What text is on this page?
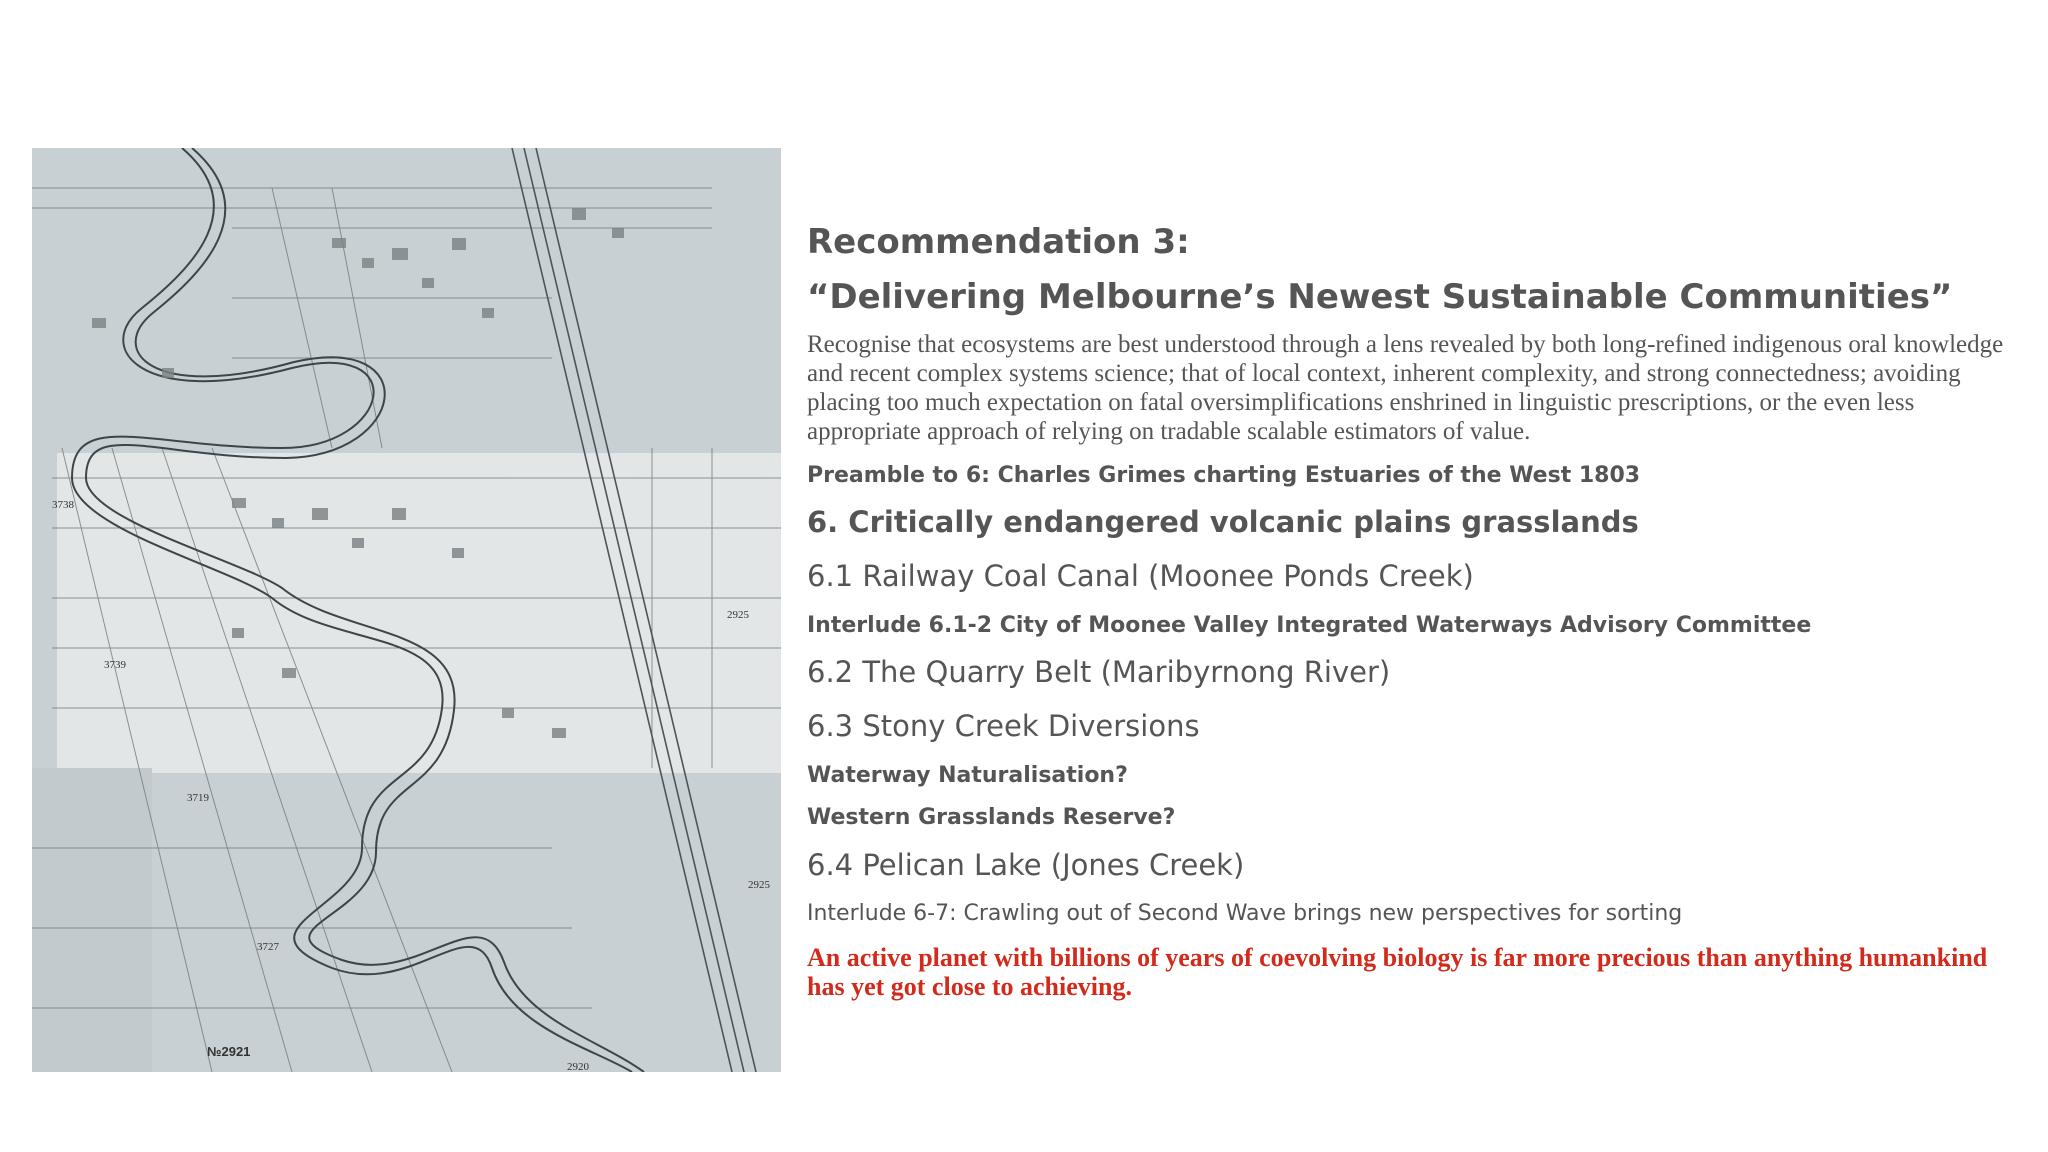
3738
3739
2925
3719
3727
2925
№2921
2920
Recommendation 3:
“Delivering Melbourne’s Newest Sustainable Communities”
Recognise that ecosystems are best understood through a lens revealed by both long-refined indigenous oral knowledge and recent complex systems science; that of local context, inherent complexity, and strong connectedness; avoiding placing too much expectation on fatal oversimplifications enshrined in linguistic prescriptions, or the even less appropriate approach of relying on tradable scalable estimators of value.
Preamble to 6: Charles Grimes charting Estuaries of the West 1803
6. Critically endangered volcanic plains grasslands
6.1 Railway Coal Canal (Moonee Ponds Creek)
Interlude 6.1-2 City of Moonee Valley Integrated Waterways Advisory Committee
6.2 The Quarry Belt (Maribyrnong River)
6.3 Stony Creek Diversions
Waterway Naturalisation?
Western Grasslands Reserve?
6.4 Pelican Lake (Jones Creek)
Interlude 6-7: Crawling out of Second Wave brings new perspectives for sorting
An active planet with billions of years of coevolving biology is far more precious than anything humankind has yet got close to achieving.
